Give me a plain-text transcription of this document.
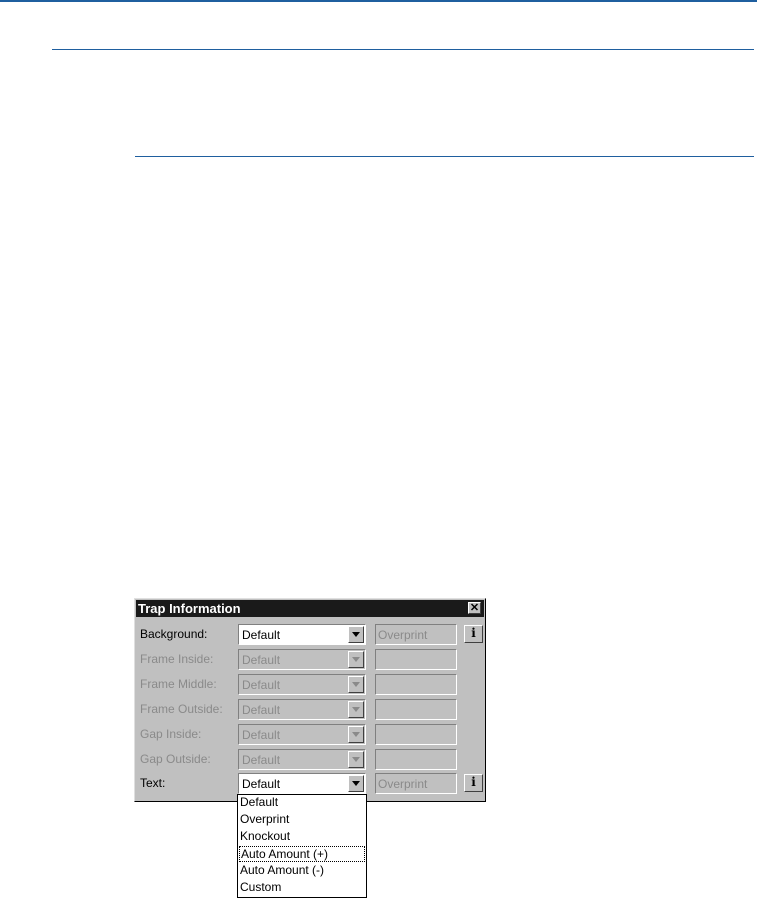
Trap Information	✕
Background:	Default	Overprint	i
Frame Inside: Default
Frame Middle: Default
Frame Outside: Default
Gap Inside:	Default
Gap Outside:	Default
Text:	Default	Overprint	i
Default
Overprint
Knockout
Auto Amount (+)
Auto Amount (-)
Custom
